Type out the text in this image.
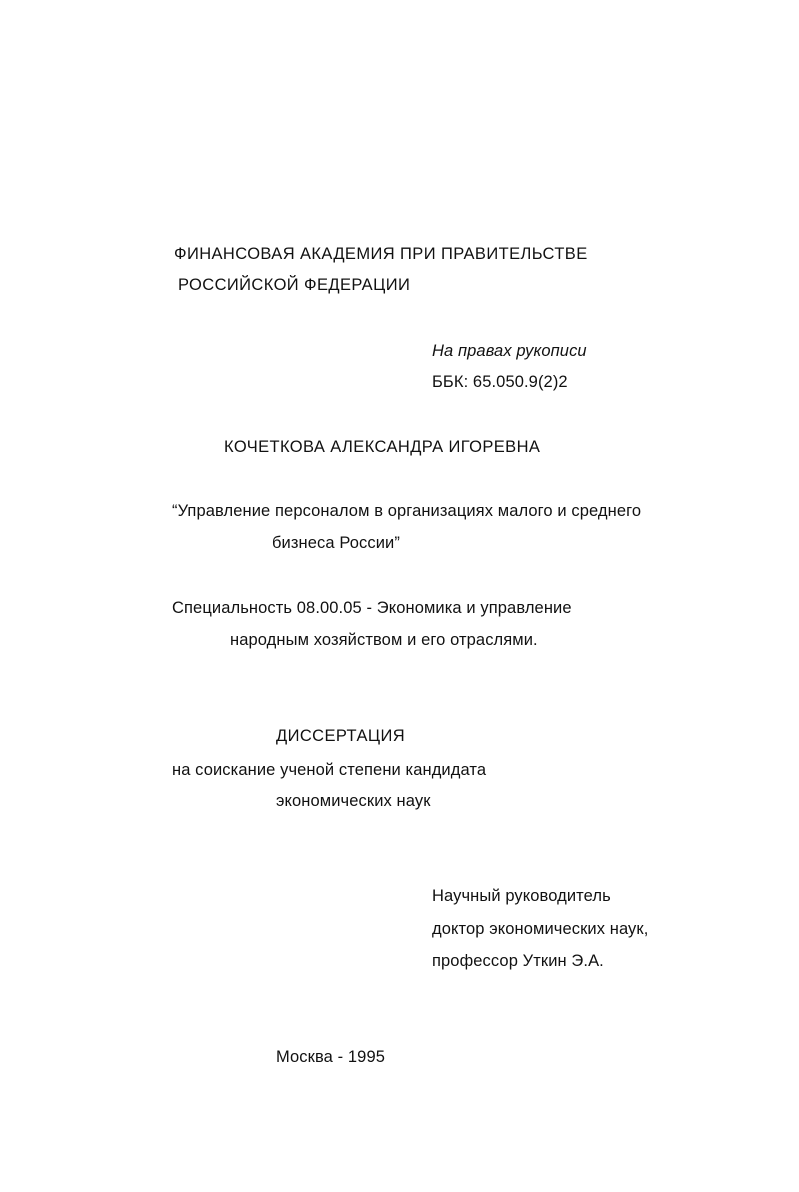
ФИНАНСОВАЯ АКАДЕМИЯ ПРИ ПРАВИТЕЛЬСТВЕ
РОССИЙСКОЙ ФЕДЕРАЦИИ
На правах рукописи
ББК: 65.050.9(2)2
КОЧЕТКОВА АЛЕКСАНДРА ИГОРЕВНА
“Управление персоналом в организациях малого и среднего
бизнеса России”
Специальность 08.00.05 - Экономика и управление
народным хозяйством и его отраслями.
ДИССЕРТАЦИЯ
на соискание ученой степени кандидата
экономических наук
Научный руководитель
доктор экономических наук,
профессор Уткин Э.А.
Москва - 1995
